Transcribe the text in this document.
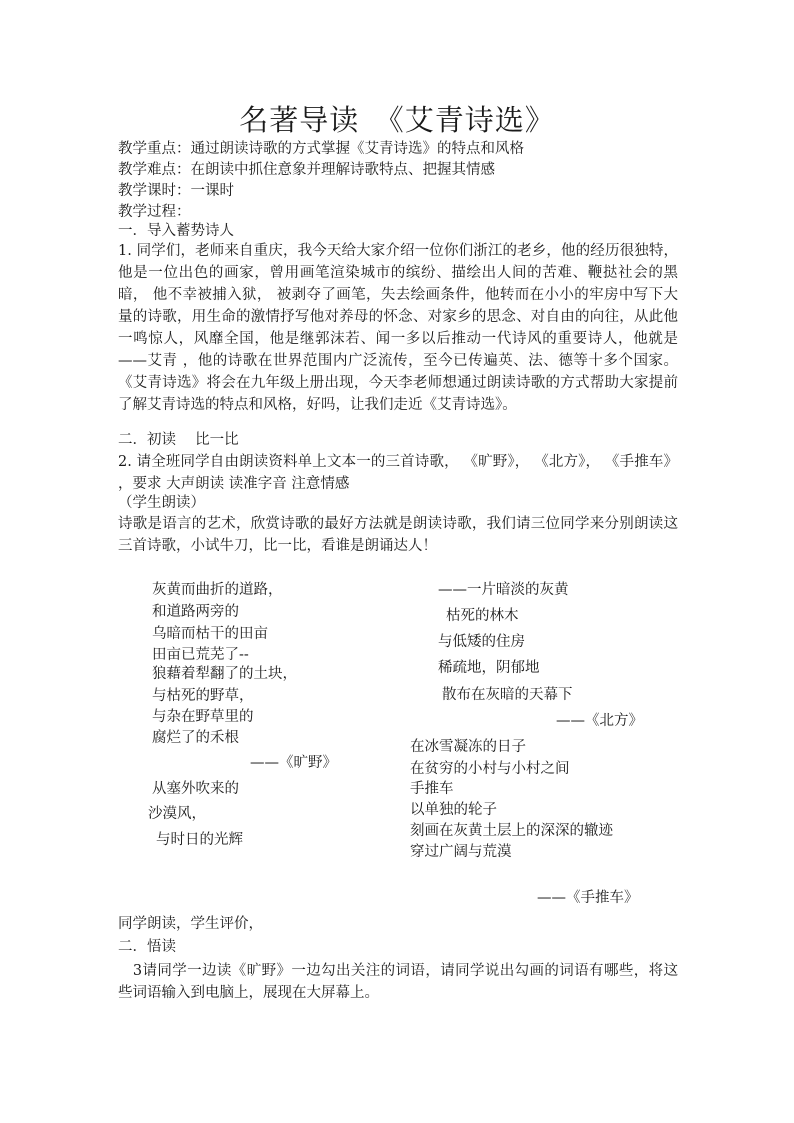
名著导读　《艾青诗选》
教学重点：通过朗读诗歌的方式掌握《艾青诗选》的特点和风格
教学难点：在朗读中抓住意象并理解诗歌特点、把握其情感
教学课时：一课时
教学过程：
一．导入蓄势诗人
1. 同学们，老师来自重庆，我今天给大家介绍一位你们浙江的老乡，他的经历很独特，他是一位出色的画家，曾用画笔渲染城市的缤纷、描绘出人间的苦难、鞭挞社会的黑暗， 他不幸被捕入狱， 被剥夺了画笔，失去绘画条件，他转而在小小的牢房中写下大量的诗歌，用生命的激情抒写他对养母的怀念、对家乡的思念、对自由的向往，从此他一鸣惊人，风靡全国，他是继郭沫若、闻一多以后推动一代诗风的重要诗人，他就是——艾青 ，他的诗歌在世界范围内广泛流传，至今已传遍英、法、德等十多个国家。 《艾青诗选》将会在九年级上册出现，今天李老师想通过朗读诗歌的方式帮助大家提前了解艾青诗选的特点和风格，好吗，让我们走近《艾青诗选》。
二．初读　 比一比
2. 请全班同学自由朗读资料单上文本一的三首诗歌， 《旷野》， 《北方》， 《手推车》 ，要求 大声朗读 读准字音 注意情感
（学生朗读）
诗歌是语言的艺术，欣赏诗歌的最好方法就是朗读诗歌，我们请三位同学来分别朗读这三首诗歌，小试牛刀，比一比，看谁是朗诵达人！
灰黄而曲折的道路，
和道路两旁的
乌暗而枯干的田亩
田亩已荒芜了--
狼藉着犁翻了的土块，
与枯死的野草，
与杂在野草里的
腐烂了的禾根
——《旷野》
从塞外吹来的
沙漠风，
与时日的光辉
——一片暗淡的灰黄
枯死的林木
与低矮的住房
稀疏地，阴郁地
散布在灰暗的天幕下
——《北方》
在冰雪凝冻的日子
在贫穷的小村与小村之间
手推车
以单独的轮子
刻画在灰黄土层上的深深的辙迹
穿过广阔与荒漠
——《手推车》
同学朗读，学生评价，
二．悟读
　3请同学一边读《旷野》一边勾出关注的词语，请同学说出勾画的词语有哪些，将这些词语输入到电脑上，展现在大屏幕上。
